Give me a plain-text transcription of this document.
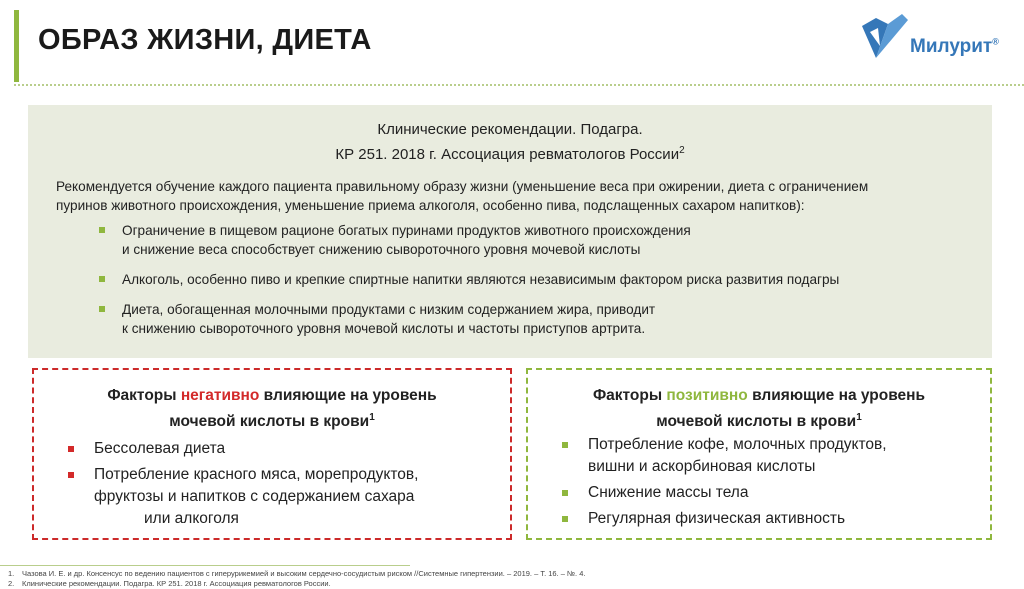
ОБРАЗ ЖИЗНИ, ДИЕТА	Милурит®
Клинические рекомендации. Подагра.
КР 251. 2018 г. Ассоциация ревматологов России$^2$
Рекомендуется обучение каждого пациента правильному образу жизни (уменьшение веса при ожирении, диета с ограничением
пуринов животного происхождения, уменьшение приема алкоголя, особенно пива, подслащенных сахаром напитков):
Ограничение в пищевом рационе богатых пуринами продуктов животного происхождения
и снижение веса способствует снижению сывороточного уровня мочевой кислоты
Алкоголь, особенно пиво и крепкие спиртные напитки являются независимым фактором риска развития подагры
Диета, обогащенная молочными продуктами с низким содержанием жира, приводит
к снижению сывороточного уровня мочевой кислоты и частоты приступов артрита.
Факторы негативно влияющие на уровень
мочевой кислоты в крови$^1$
Бессолевая диета
Потребление красного мяса, морепродуктов,
фруктозы и напитков с содержанием сахара
или алкоголя
Факторы позитивно влияющие на уровень
мочевой кислоты в крови$^1$
Потребление кофе, молочных продуктов,
вишни и аскорбиновая кислоты
Снижение массы тела
Регулярная физическая активность
1. Чазова И. Е. и др. Консенсус по ведению пациентов с гиперурикемией и высоким сердечно-сосудистым риском //Системные гипертензии. – 2019. – Т. 16. – №. 4.
2. Клинические рекомендации. Подагра. КР 251. 2018 г. Ассоциация ревматологов России.
